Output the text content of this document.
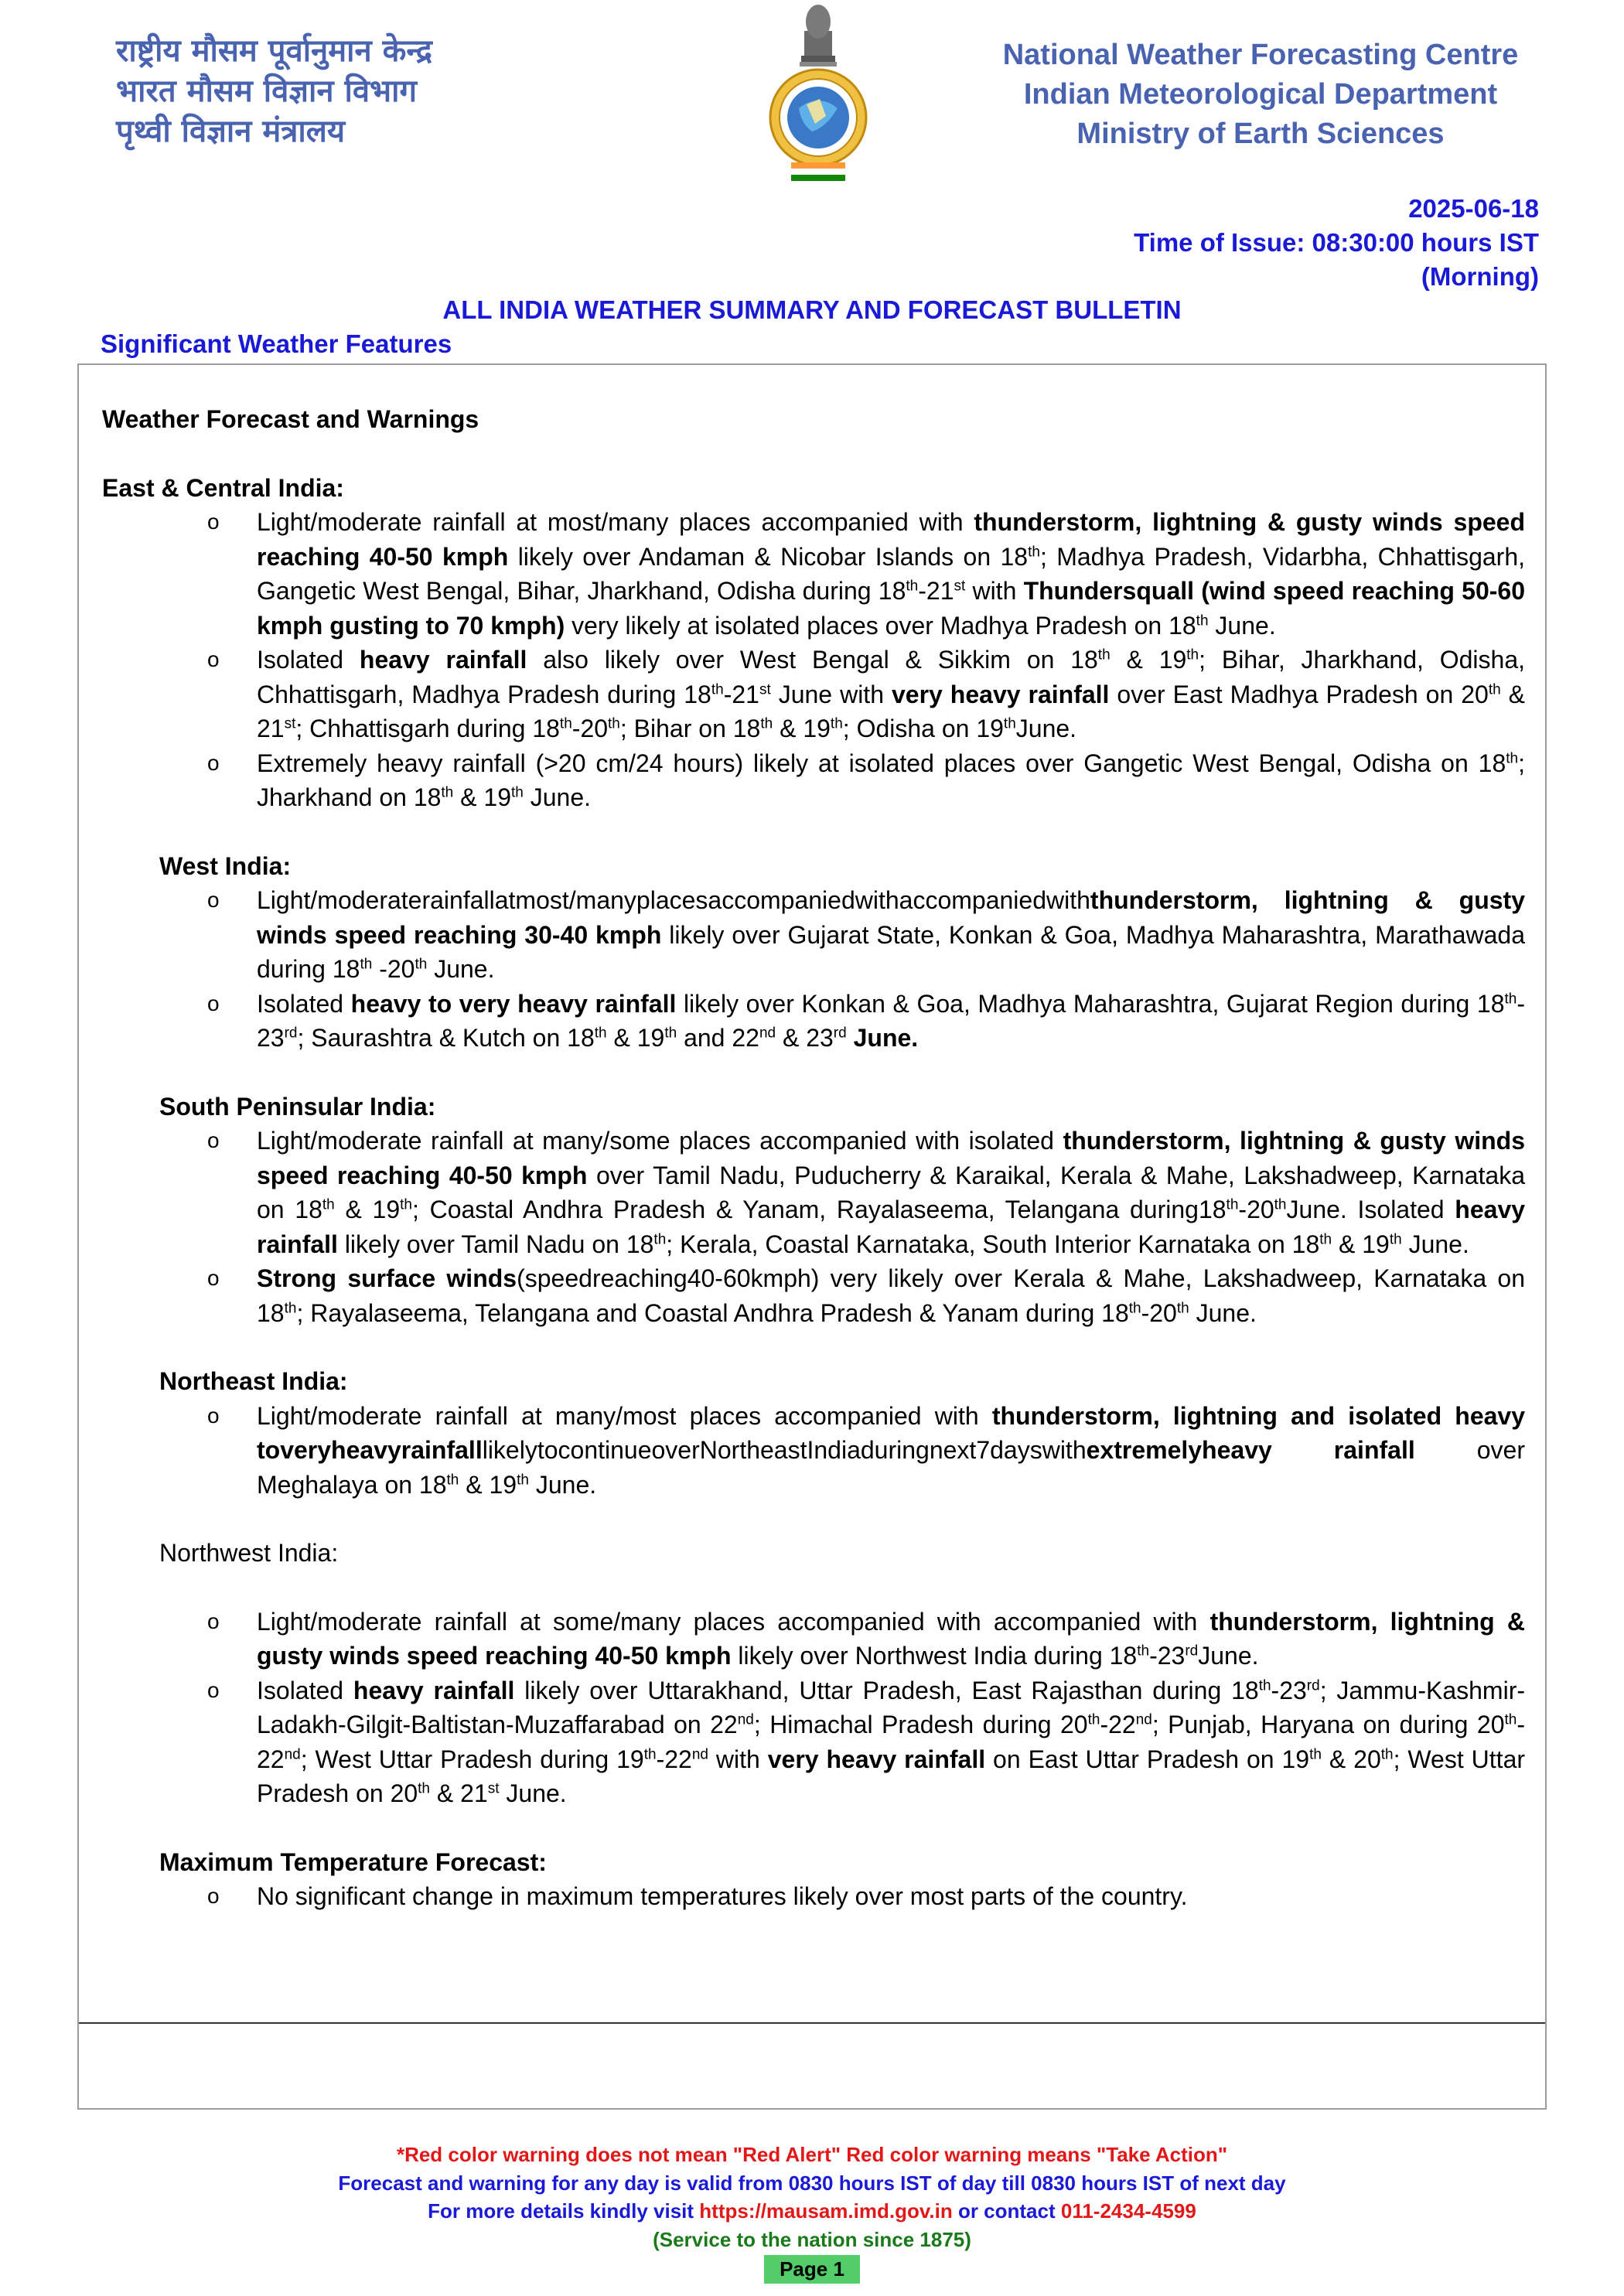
राष्ट्रीय मौसम पूर्वानुमान केन्द्र
भारत मौसम विज्ञान विभाग
पृथ्वी विज्ञान मंत्रालय
National Weather Forecasting Centre
Indian Meteorological Department
Ministry of Earth Sciences
2025-06-18
Time of Issue: 08:30:00 hours IST
(Morning)
ALL INDIA WEATHER SUMMARY AND FORECAST BULLETIN
Significant Weather Features
Weather Forecast and Warnings
East & Central India:
o Light/moderate rainfall at most/many places accompanied with thunderstorm, lightning & gusty winds speed reaching 40-50 kmph likely over Andaman & Nicobar Islands on 18th; Madhya Pradesh, Vidarbha, Chhattisgarh, Gangetic West Bengal, Bihar, Jharkhand, Odisha during 18th-21st with Thundersquall (wind speed reaching 50-60 kmph gusting to 70 kmph) very likely at isolated places over Madhya Pradesh on 18th June.
o Isolated heavy rainfall also likely over West Bengal & Sikkim on 18th & 19th; Bihar, Jharkhand, Odisha, Chhattisgarh, Madhya Pradesh during 18th-21st June with very heavy rainfall over East Madhya Pradesh on 20th & 21st; Chhattisgarh during 18th-20th; Bihar on 18th & 19th; Odisha on 19thJune.
o Extremely heavy rainfall (>20 cm/24 hours) likely at isolated places over Gangetic West Bengal, Odisha on 18th; Jharkhand on 18th & 19th June.
West India:
o Light/moderaterainfallatmost/manyplacesaccompaniedwithaccompaniedwiththunderstorm, lightning & gusty winds speed reaching 30-40 kmph likely over Gujarat State, Konkan & Goa, Madhya Maharashtra, Marathawada during 18th -20th June.
o Isolated heavy to very heavy rainfall likely over Konkan & Goa, Madhya Maharashtra, Gujarat Region during 18th-23rd; Saurashtra & Kutch on 18th & 19th and 22nd & 23rd June.
South Peninsular India:
o Light/moderate rainfall at many/some places accompanied with isolated thunderstorm, lightning & gusty winds speed reaching 40-50 kmph over Tamil Nadu, Puducherry & Karaikal, Kerala & Mahe, Lakshadweep, Karnataka on 18th & 19th; Coastal Andhra Pradesh & Yanam, Rayalaseema, Telangana during18th-20thJune. Isolated heavy rainfall likely over Tamil Nadu on 18th; Kerala, Coastal Karnataka, South Interior Karnataka on 18th & 19th June.
o Strong surface winds(speedreaching40-60kmph) very likely over Kerala & Mahe, Lakshadweep, Karnataka on 18th; Rayalaseema, Telangana and Coastal Andhra Pradesh & Yanam during 18th-20th June.
Northeast India:
o Light/moderate rainfall at many/most places accompanied with thunderstorm, lightning and isolated heavy toveryheavyrainfalllikelytocontinueoverNortheastIndiaduringnext7dayswithextremelyheavy rainfall over Meghalaya on 18th & 19th June.
Northwest India:
o Light/moderate rainfall at some/many places accompanied with accompanied with thunderstorm, lightning & gusty winds speed reaching 40-50 kmph likely over Northwest India during 18th-23rdJune.
o Isolated heavy rainfall likely over Uttarakhand, Uttar Pradesh, East Rajasthan during 18th-23rd; Jammu-Kashmir-Ladakh-Gilgit-Baltistan-Muzaffarabad on 22nd; Himachal Pradesh during 20th-22nd; Punjab, Haryana on during 20th-22nd; West Uttar Pradesh during 19th-22nd with very heavy rainfall on East Uttar Pradesh on 19th & 20th; West Uttar Pradesh on 20th & 21st June.
Maximum Temperature Forecast:
o No significant change in maximum temperatures likely over most parts of the country.
*Red color warning does not mean "Red Alert" Red color warning means "Take Action"
Forecast and warning for any day is valid from 0830 hours IST of day till 0830 hours IST of next day
For more details kindly visit https://mausam.imd.gov.in or contact 011-2434-4599
(Service to the nation since 1875)
Page 1
